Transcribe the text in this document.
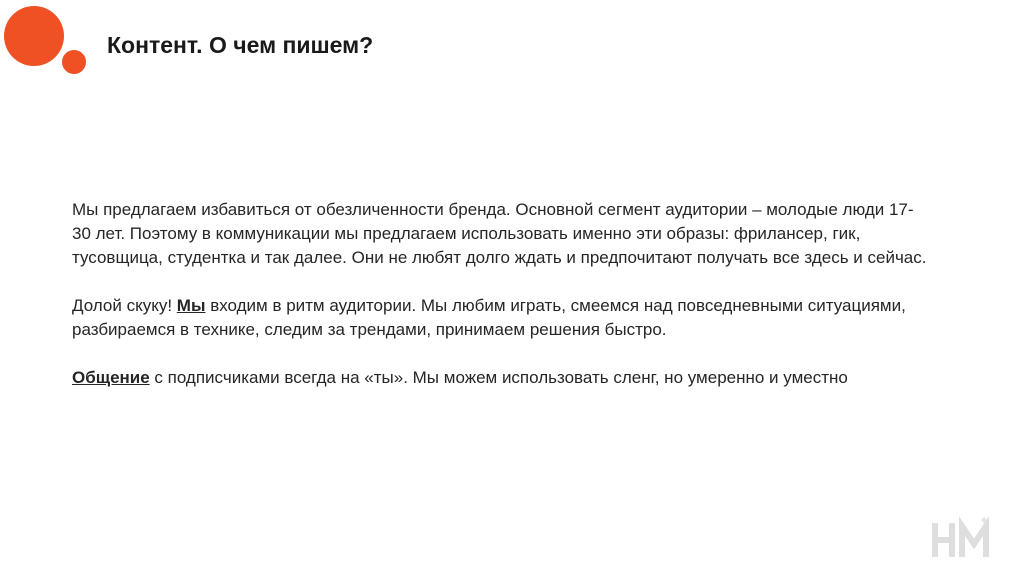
Контент. О чем пишем?

Мы предлагаем избавиться от обезличенности бренда. Основной сегмент аудитории – молодые люди 17-30 лет. Поэтому в коммуникации мы предлагаем использовать именно эти образы: фрилансер, гик, тусовщица, студентка и так далее. Они не любят долго ждать и предпочитают получать все здесь и сейчас.

Долой скуку! Мы входим в ритм аудитории. Мы любим играть, смеемся над повседневными ситуациями, разбираемся в технике, следим за трендами, принимаем решения быстро.

Общение с подписчиками всегда на «ты». Мы можем использовать сленг, но умеренно и уместно
